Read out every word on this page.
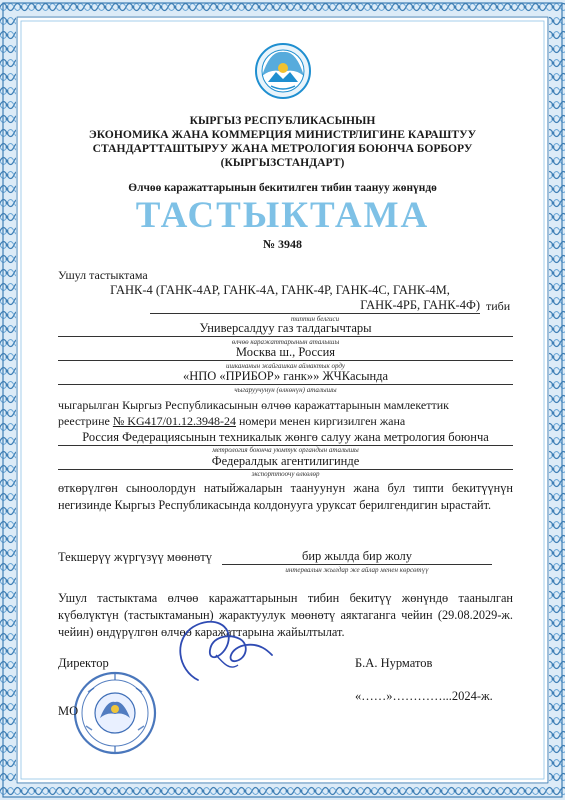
КЫРГЫЗ РЕСПУБЛИКАСЫНЫН
ЭКОНОМИКА ЖАНА КОММЕРЦИЯ МИНИСТРЛИГИНЕ КАРАШТУУ
СТАНДАРТТАШТЫРУУ ЖАНА МЕТРОЛОГИЯ БОЮНЧА БОРБОРУ
(КЫРГЫЗСТАНДАРТ)
Өлчөө каражаттарынын бекитилген тибин таануу жөнүндө
ТАСТЫКТАМА
№ 3948
Ушул тастыктама
ГАНК-4 (ГАНК-4АР, ГАНК-4А, ГАНК-4Р, ГАНК-4С, ГАНК-4М,
ГАНК-4РБ, ГАНК-4Ф) тиби
типтин белгиси
Универсалдуу газ талдагычтары
өлчөө каражаттарынын аталышы
Москва ш., Россия
ишкананын жайгашкан аймактык орду
«НПО «ПРИБОР» ганк»» ЖЧКасында
чыгаруучунун (өлкөнүн) аталышы
чыгарылган Кыргыз Республикасынын өлчөө каражаттарынын мамлекеттик
реестрине № KG417/01.12.3948-24 номери менен киргизилген жана
Россия Федерациясынын техникалык жөнгө салуу жана метрология боюнча
метрология боюнча уюмтук органдын аталышы
Федералдык агентилигинде
экспорттоочу өлкөлөр
өткөрүлгөн сыноолордун натыйжаларын таануунун жана бул типти бекитүүнүн негизинде Кыргыз Республикасында колдонууга уруксат берилгендигин ырастайт.
Текшерүү жүргүзүү мөөнөтү	бир жылда бир жолу
интервалын жылдар же айлар менен көрсөтүү
Ушул тастыктама өлчөө каражаттарынын тибин бекитүү жөнүндө таанылган күбөлүктүн (тастыктаманын) жарактуулук мөөнөтү аяктаганга чейин (29.08.2029-ж. чейин) өндүрүлгөн өлчөө каражаттарына жайылтылат.
Директор	Б.А. Нурматов
«……»…………...2024-ж.
МО
